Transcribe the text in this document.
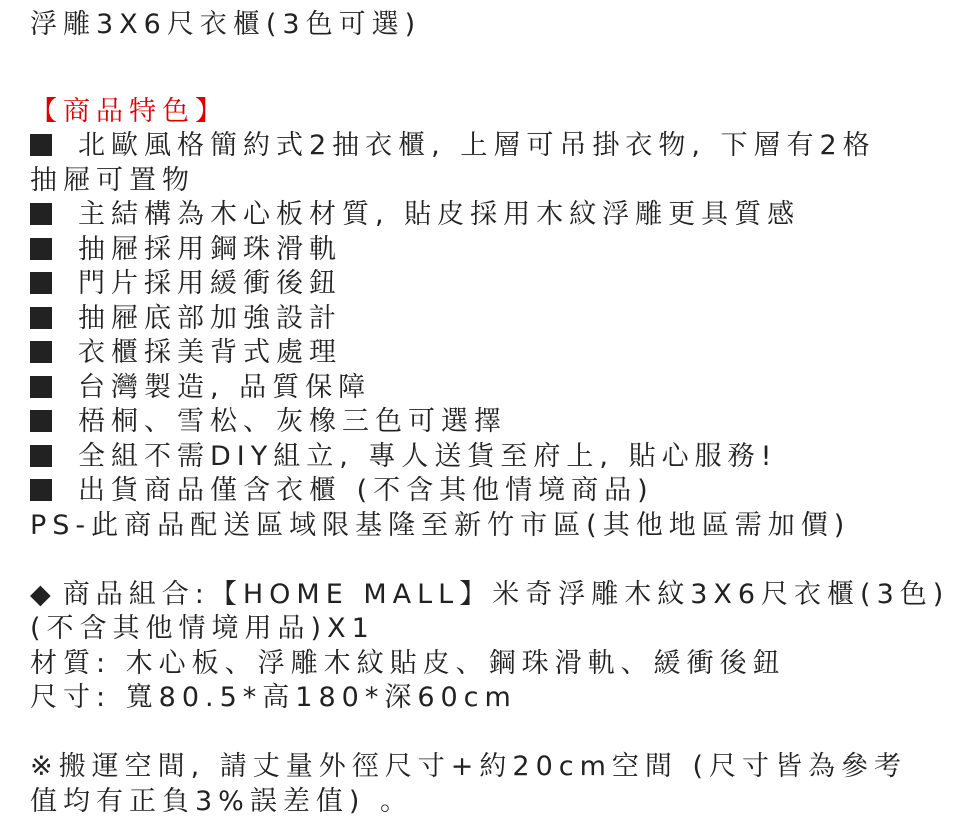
浮雕3X6尺衣櫃(3色可選)
【商品特色】
北歐風格簡約式2抽衣櫃, 上層可吊掛衣物, 下層有2格
抽屜可置物
主結構為木心板材質, 貼皮採用木紋浮雕更具質感
抽屜採用鋼珠滑軌
門片採用緩衝後鈕
抽屜底部加強設計
衣櫃採美背式處理
台灣製造, 品質保障
梧桐、雪松、灰橡三色可選擇
全組不需DIY組立, 專人送貨至府上, 貼心服務!
出貨商品僅含衣櫃 (不含其他情境商品)
PS-此商品配送區域限基隆至新竹市區(其他地區需加價)
◆ 商品組合:【HOME MALL】米奇浮雕木紋3X6尺衣櫃(3色)
(不含其他情境用品)X1
材質: 木心板、浮雕木紋貼皮、鋼珠滑軌、緩衝後鈕
尺寸: 寬80.5*高180*深60cm
※搬運空間, 請丈量外徑尺寸+約20cm空間 (尺寸皆為參考
值均有正負3%誤差值) 。
